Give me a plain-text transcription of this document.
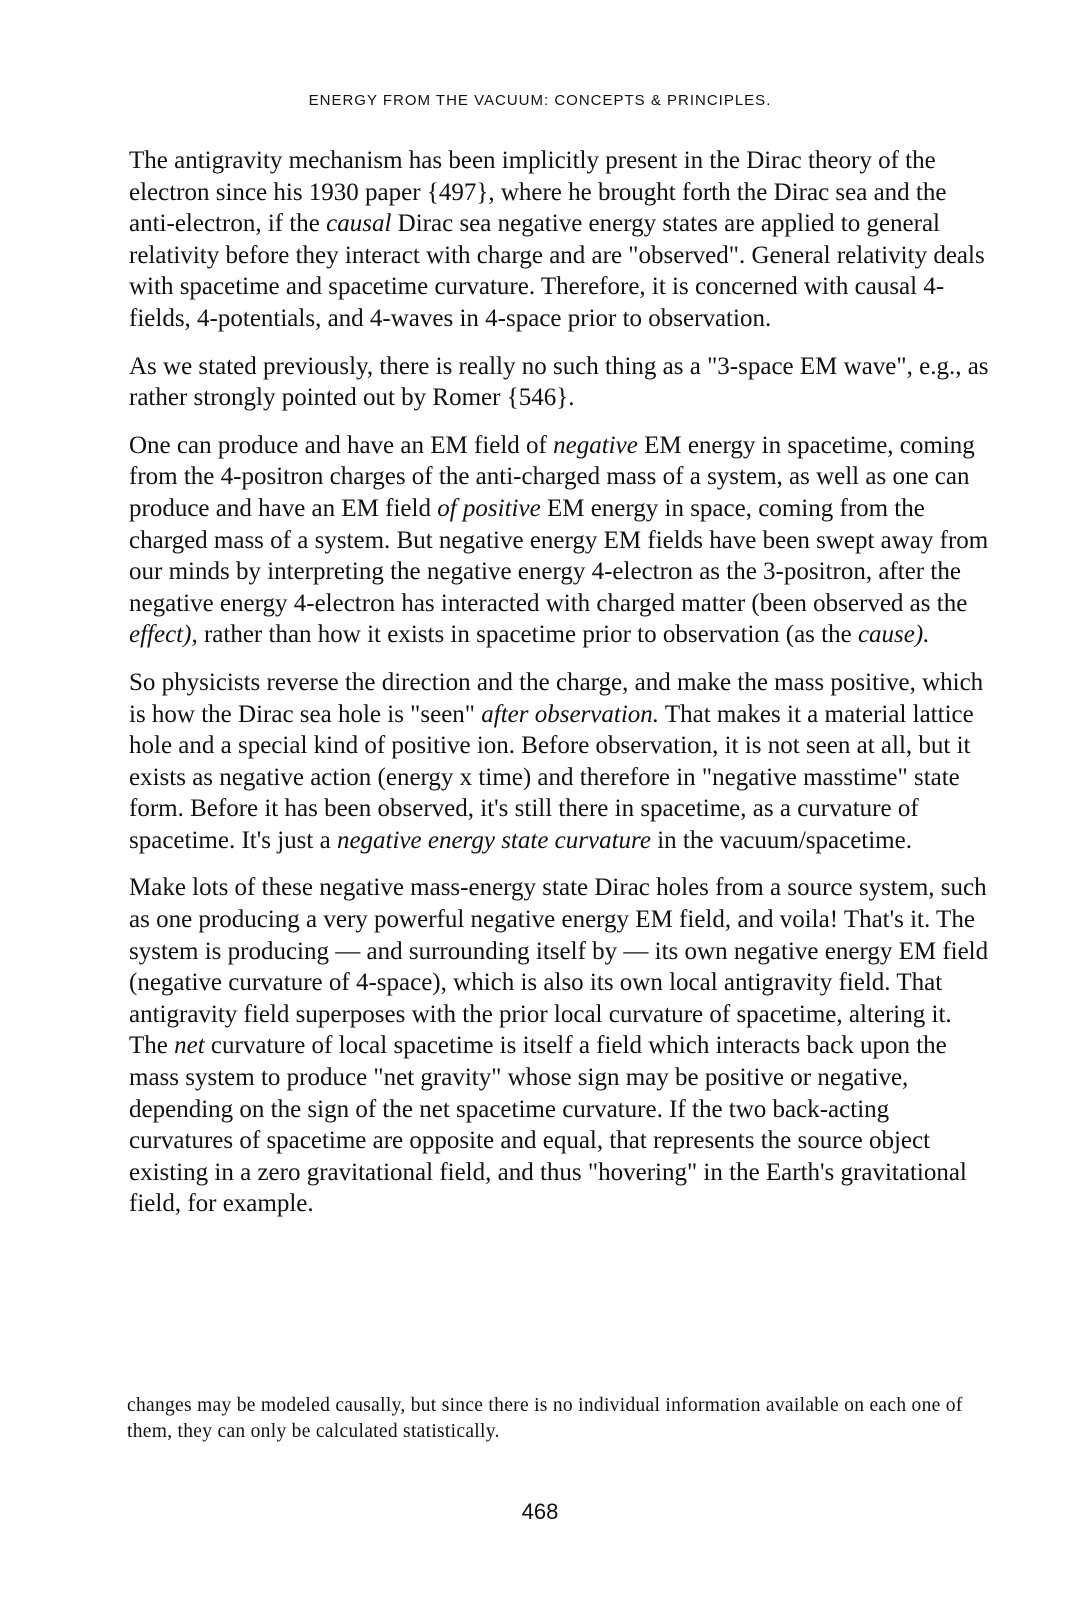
ENERGY FROM THE VACUUM: CONCEPTS & PRINCIPLES.

The antigravity mechanism has been implicitly present in the Dirac theory of the electron since his 1930 paper {497}, where he brought forth the Dirac sea and the anti-electron, if the causal Dirac sea negative energy states are applied to general relativity before they interact with charge and are "observed". General relativity deals with spacetime and spacetime curvature. Therefore, it is concerned with causal 4-fields, 4-potentials, and 4-waves in 4-space prior to observation.

As we stated previously, there is really no such thing as a "3-space EM wave", e.g., as rather strongly pointed out by Romer {546}.

One can produce and have an EM field of negative EM energy in spacetime, coming from the 4-positron charges of the anti-charged mass of a system, as well as one can produce and have an EM field of positive EM energy in space, coming from the charged mass of a system. But negative energy EM fields have been swept away from our minds by interpreting the negative energy 4-electron as the 3-positron, after the negative energy 4-electron has interacted with charged matter (been observed as the effect), rather than how it exists in spacetime prior to observation (as the cause).

So physicists reverse the direction and the charge, and make the mass positive, which is how the Dirac sea hole is "seen" after observation. That makes it a material lattice hole and a special kind of positive ion. Before observation, it is not seen at all, but it exists as negative action (energy x time) and therefore in "negative masstime" state form. Before it has been observed, it's still there in spacetime, as a curvature of spacetime. It's just a negative energy state curvature in the vacuum/spacetime.

Make lots of these negative mass-energy state Dirac holes from a source system, such as one producing a very powerful negative energy EM field, and voila! That's it. The system is producing — and surrounding itself by — its own negative energy EM field (negative curvature of 4-space), which is also its own local antigravity field. That antigravity field superposes with the prior local curvature of spacetime, altering it. The net curvature of local spacetime is itself a field which interacts back upon the mass system to produce "net gravity" whose sign may be positive or negative, depending on the sign of the net spacetime curvature. If the two back-acting curvatures of spacetime are opposite and equal, that represents the source object existing in a zero gravitational field, and thus "hovering" in the Earth's gravitational field, for example.

changes may be modeled causally, but since there is no individual information available on each one of them, they can only be calculated statistically.

468
